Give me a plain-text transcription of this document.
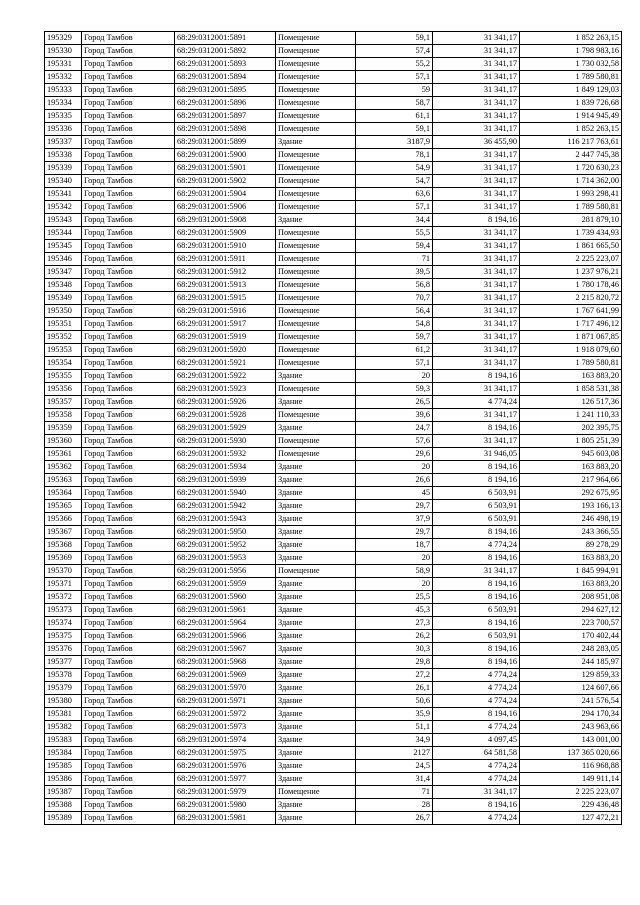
195329	Город Тамбов	68:29:0312001:5891	Помещение	59,1	31 341,17	1 852 263,15
195330	Город Тамбов	68:29:0312001:5892	Помещение	57,4	31 341,17	1 798 983,16
195331	Город Тамбов	68:29:0312001:5893	Помещение	55,2	31 341,17	1 730 032,58
195332	Город Тамбов	68:29:0312001:5894	Помещение	57,1	31 341,17	1 789 580,81
195333	Город Тамбов	68:29:0312001:5895	Помещение	59	31 341,17	1 849 129,03
195334	Город Тамбов	68:29:0312001:5896	Помещение	58,7	31 341,17	1 839 726,68
195335	Город Тамбов	68:29:0312001:5897	Помещение	61,1	31 341,17	1 914 945,49
195336	Город Тамбов	68:29:0312001:5898	Помещение	59,1	31 341,17	1 852 263,15
195337	Город Тамбов	68:29:0312001:5899	Здание	3187,9	36 455,90	116 217 763,61
195338	Город Тамбов	68:29:0312001:5900	Помещение	78,1	31 341,17	2 447 745,38
195339	Город Тамбов	68:29:0312001:5901	Помещение	54,9	31 341,17	1 720 630,23
195340	Город Тамбов	68:29:0312001:5902	Помещение	54,7	31 341,17	1 714 362,00
195341	Город Тамбов	68:29:0312001:5904	Помещение	63,6	31 341,17	1 993 298,41
195342	Город Тамбов	68:29:0312001:5906	Помещение	57,1	31 341,17	1 789 580,81
195343	Город Тамбов	68:29:0312001:5908	Здание	34,4	8 194,16	281 879,10
195344	Город Тамбов	68:29:0312001:5909	Помещение	55,5	31 341,17	1 739 434,93
195345	Город Тамбов	68:29:0312001:5910	Помещение	59,4	31 341,17	1 861 665,50
195346	Город Тамбов	68:29:0312001:5911	Помещение	71	31 341,17	2 225 223,07
195347	Город Тамбов	68:29:0312001:5912	Помещение	39,5	31 341,17	1 237 976,21
195348	Город Тамбов	68:29:0312001:5913	Помещение	56,8	31 341,17	1 780 178,46
195349	Город Тамбов	68:29:0312001:5915	Помещение	70,7	31 341,17	2 215 820,72
195350	Город Тамбов	68:29:0312001:5916	Помещение	56,4	31 341,17	1 767 641,99
195351	Город Тамбов	68:29:0312001:5917	Помещение	54,8	31 341,17	1 717 496,12
195352	Город Тамбов	68:29:0312001:5919	Помещение	59,7	31 341,17	1 871 067,85
195353	Город Тамбов	68:29:0312001:5920	Помещение	61,2	31 341,17	1 918 079,60
195354	Город Тамбов	68:29:0312001:5921	Помещение	57,1	31 341,17	1 789 580,81
195355	Город Тамбов	68:29:0312001:5922	Здание	20	8 194,16	163 883,20
195356	Город Тамбов	68:29:0312001:5923	Помещение	59,3	31 341,17	1 858 531,38
195357	Город Тамбов	68:29:0312001:5926	Здание	26,5	4 774,24	126 517,36
195358	Город Тамбов	68:29:0312001:5928	Помещение	39,6	31 341,17	1 241 110,33
195359	Город Тамбов	68:29:0312001:5929	Здание	24,7	8 194,16	202 395,75
195360	Город Тамбов	68:29:0312001:5930	Помещение	57,6	31 341,17	1 805 251,39
195361	Город Тамбов	68:29:0312001:5932	Помещение	29,6	31 946,05	945 603,08
195362	Город Тамбов	68:29:0312001:5934	Здание	20	8 194,16	163 883,20
195363	Город Тамбов	68:29:0312001:5939	Здание	26,6	8 194,16	217 964,66
195364	Город Тамбов	68:29:0312001:5940	Здание	45	6 503,91	292 675,95
195365	Город Тамбов	68:29:0312001:5942	Здание	29,7	6 503,91	193 166,13
195366	Город Тамбов	68:29:0312001:5943	Здание	37,9	6 503,91	246 498,19
195367	Город Тамбов	68:29:0312001:5950	Здание	29,7	8 194,16	243 366,55
195368	Город Тамбов	68:29:0312001:5952	Здание	18,7	4 774,24	89 278,29
195369	Город Тамбов	68:29:0312001:5953	Здание	20	8 194,16	163 883,20
195370	Город Тамбов	68:29:0312001:5956	Помещение	58,9	31 341,17	1 845 994,91
195371	Город Тамбов	68:29:0312001:5959	Здание	20	8 194,16	163 883,20
195372	Город Тамбов	68:29:0312001:5960	Здание	25,5	8 194,16	208 951,08
195373	Город Тамбов	68:29:0312001:5961	Здание	45,3	6 503,91	294 627,12
195374	Город Тамбов	68:29:0312001:5964	Здание	27,3	8 194,16	223 700,57
195375	Город Тамбов	68:29:0312001:5966	Здание	26,2	6 503,91	170 402,44
195376	Город Тамбов	68:29:0312001:5967	Здание	30,3	8 194,16	248 283,05
195377	Город Тамбов	68:29:0312001:5968	Здание	29,8	8 194,16	244 185,97
195378	Город Тамбов	68:29:0312001:5969	Здание	27,2	4 774,24	129 859,33
195379	Город Тамбов	68:29:0312001:5970	Здание	26,1	4 774,24	124 607,66
195380	Город Тамбов	68:29:0312001:5971	Здание	50,6	4 774,24	241 576,54
195381	Город Тамбов	68:29:0312001:5972	Здание	35,9	8 194,16	294 170,34
195382	Город Тамбов	68:29:0312001:5973	Здание	51,1	4 774,24	243 963,66
195383	Город Тамбов	68:29:0312001:5974	Здание	34,9	4 097,45	143 001,00
195384	Город Тамбов	68:29:0312001:5975	Здание	2127	64 581,58	137 365 020,66
195385	Город Тамбов	68:29:0312001:5976	Здание	24,5	4 774,24	116 968,88
195386	Город Тамбов	68:29:0312001:5977	Здание	31,4	4 774,24	149 911,14
195387	Город Тамбов	68:29:0312001:5979	Помещение	71	31 341,17	2 225 223,07
195388	Город Тамбов	68:29:0312001:5980	Здание	28	8 194,16	229 436,48
195389	Город Тамбов	68:29:0312001:5981	Здание	26,7	4 774,24	127 472,21
